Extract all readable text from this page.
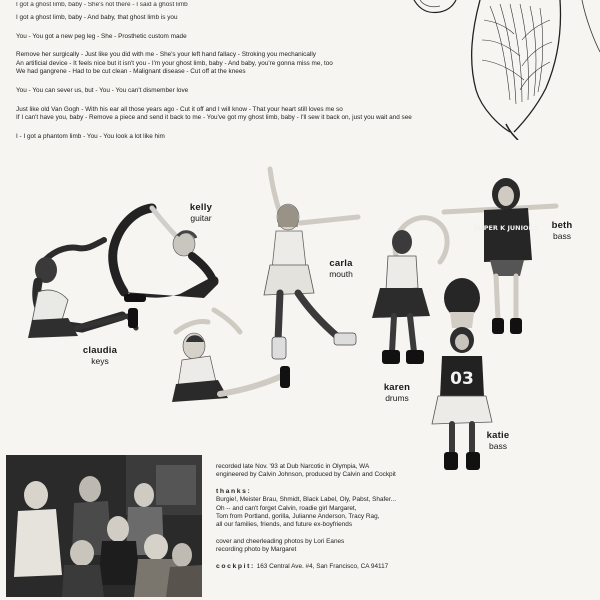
I got a ghost limb, baby - She's not there - I said a ghost limb
I got a ghost limb, baby - And baby, that ghost limb is you
You - You got a new peg leg - She - Prosthetic custom made
Remove her surgically - Just like you did with me - She's your left hand fallacy - Stroking you mechanically
An artificial device - It feels nice but it isn't you - I'm your ghost limb, baby - And baby, you're gonna miss me, too
We had gangrene - Had to be cut clean - Malignant disease - Cut off at the knees
You - You can sever us, but - You - You can't dismember love
Just like old Van Gogh - With his ear all those years ago - Cut it off and I will know - That your heart still loves me so
If I can't have you, baby - Remove a piece and send it back to me - You've got my ghost limb, baby - I'll sew it back on, just you wait and see
I - I got a phantom limb - You - You look a lot like him
SUPER K JUNIORS
03
kelly
guitar
carla
mouth
beth
bass
claudia
keys
karen
drums
katie
bass
recorded late Nov. '93 at Dub Narcotic in Olympia, WA
engineered by Calvin Johnson, produced by Calvin and Cockpit
thanks:
Burgie!, Meister Brau, Shmidt, Black Label, Oly, Pabst, Shafer...
Oh -- and can't forget Calvin, roadie girl Margaret,
Tom from Portland, gorilla, Julianne Anderson, Tracy Rag,
all our families, friends, and future ex-boyfriends
cover and cheerleading photos by Lori Eanes
recording photo by Margaret
cockpit: 163 Central Ave. #4, San Francisco, CA 94117
